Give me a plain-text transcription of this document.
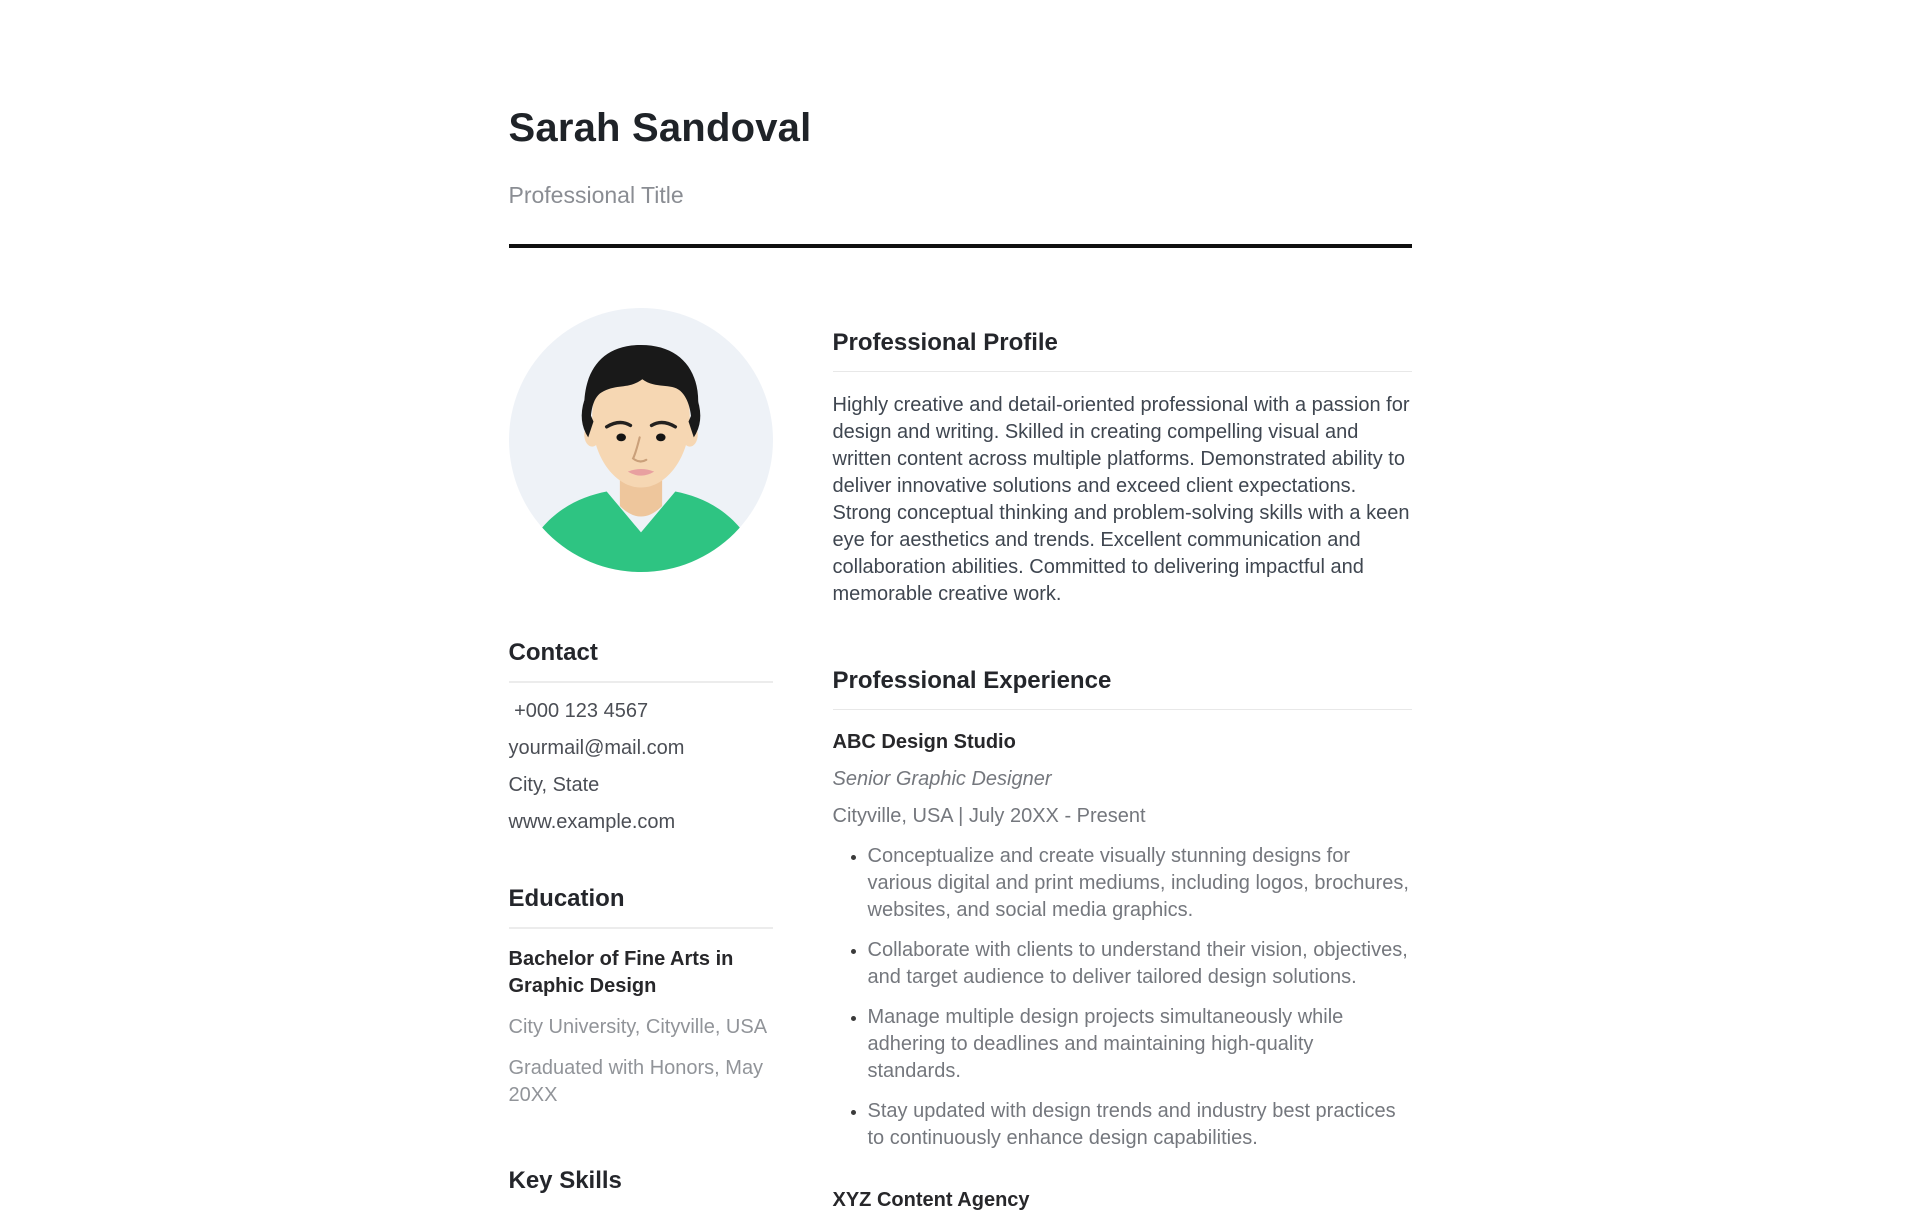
Sarah Sandoval
Professional Title
Contact
+000 123 4567
yourmail@mail.com
City, State
www.example.com
Education
Bachelor of Fine Arts in Graphic Design
City University, Cityville, USA
Graduated with Honors, May 20XX
Key Skills
Professional Profile

Highly creative and detail-oriented professional with a passion for design and writing. Skilled in creating compelling visual and written content across multiple platforms. Demonstrated ability to deliver innovative solutions and exceed client expectations. Strong conceptual thinking and problem-solving skills with a keen eye for aesthetics and trends. Excellent communication and collaboration abilities. Committed to delivering impactful and memorable creative work.

Professional Experience
ABC Design Studio
Senior Graphic Designer
Cityville, USA | July 20XX - Present
• Conceptualize and create visually stunning designs for various digital and print mediums, including logos, brochures, websites, and social media graphics.
• Collaborate with clients to understand their vision, objectives, and target audience to deliver tailored design solutions.
• Manage multiple design projects simultaneously while adhering to deadlines and maintaining high-quality standards.
• Stay updated with design trends and industry best practices to continuously enhance design capabilities.
XYZ Content Agency
